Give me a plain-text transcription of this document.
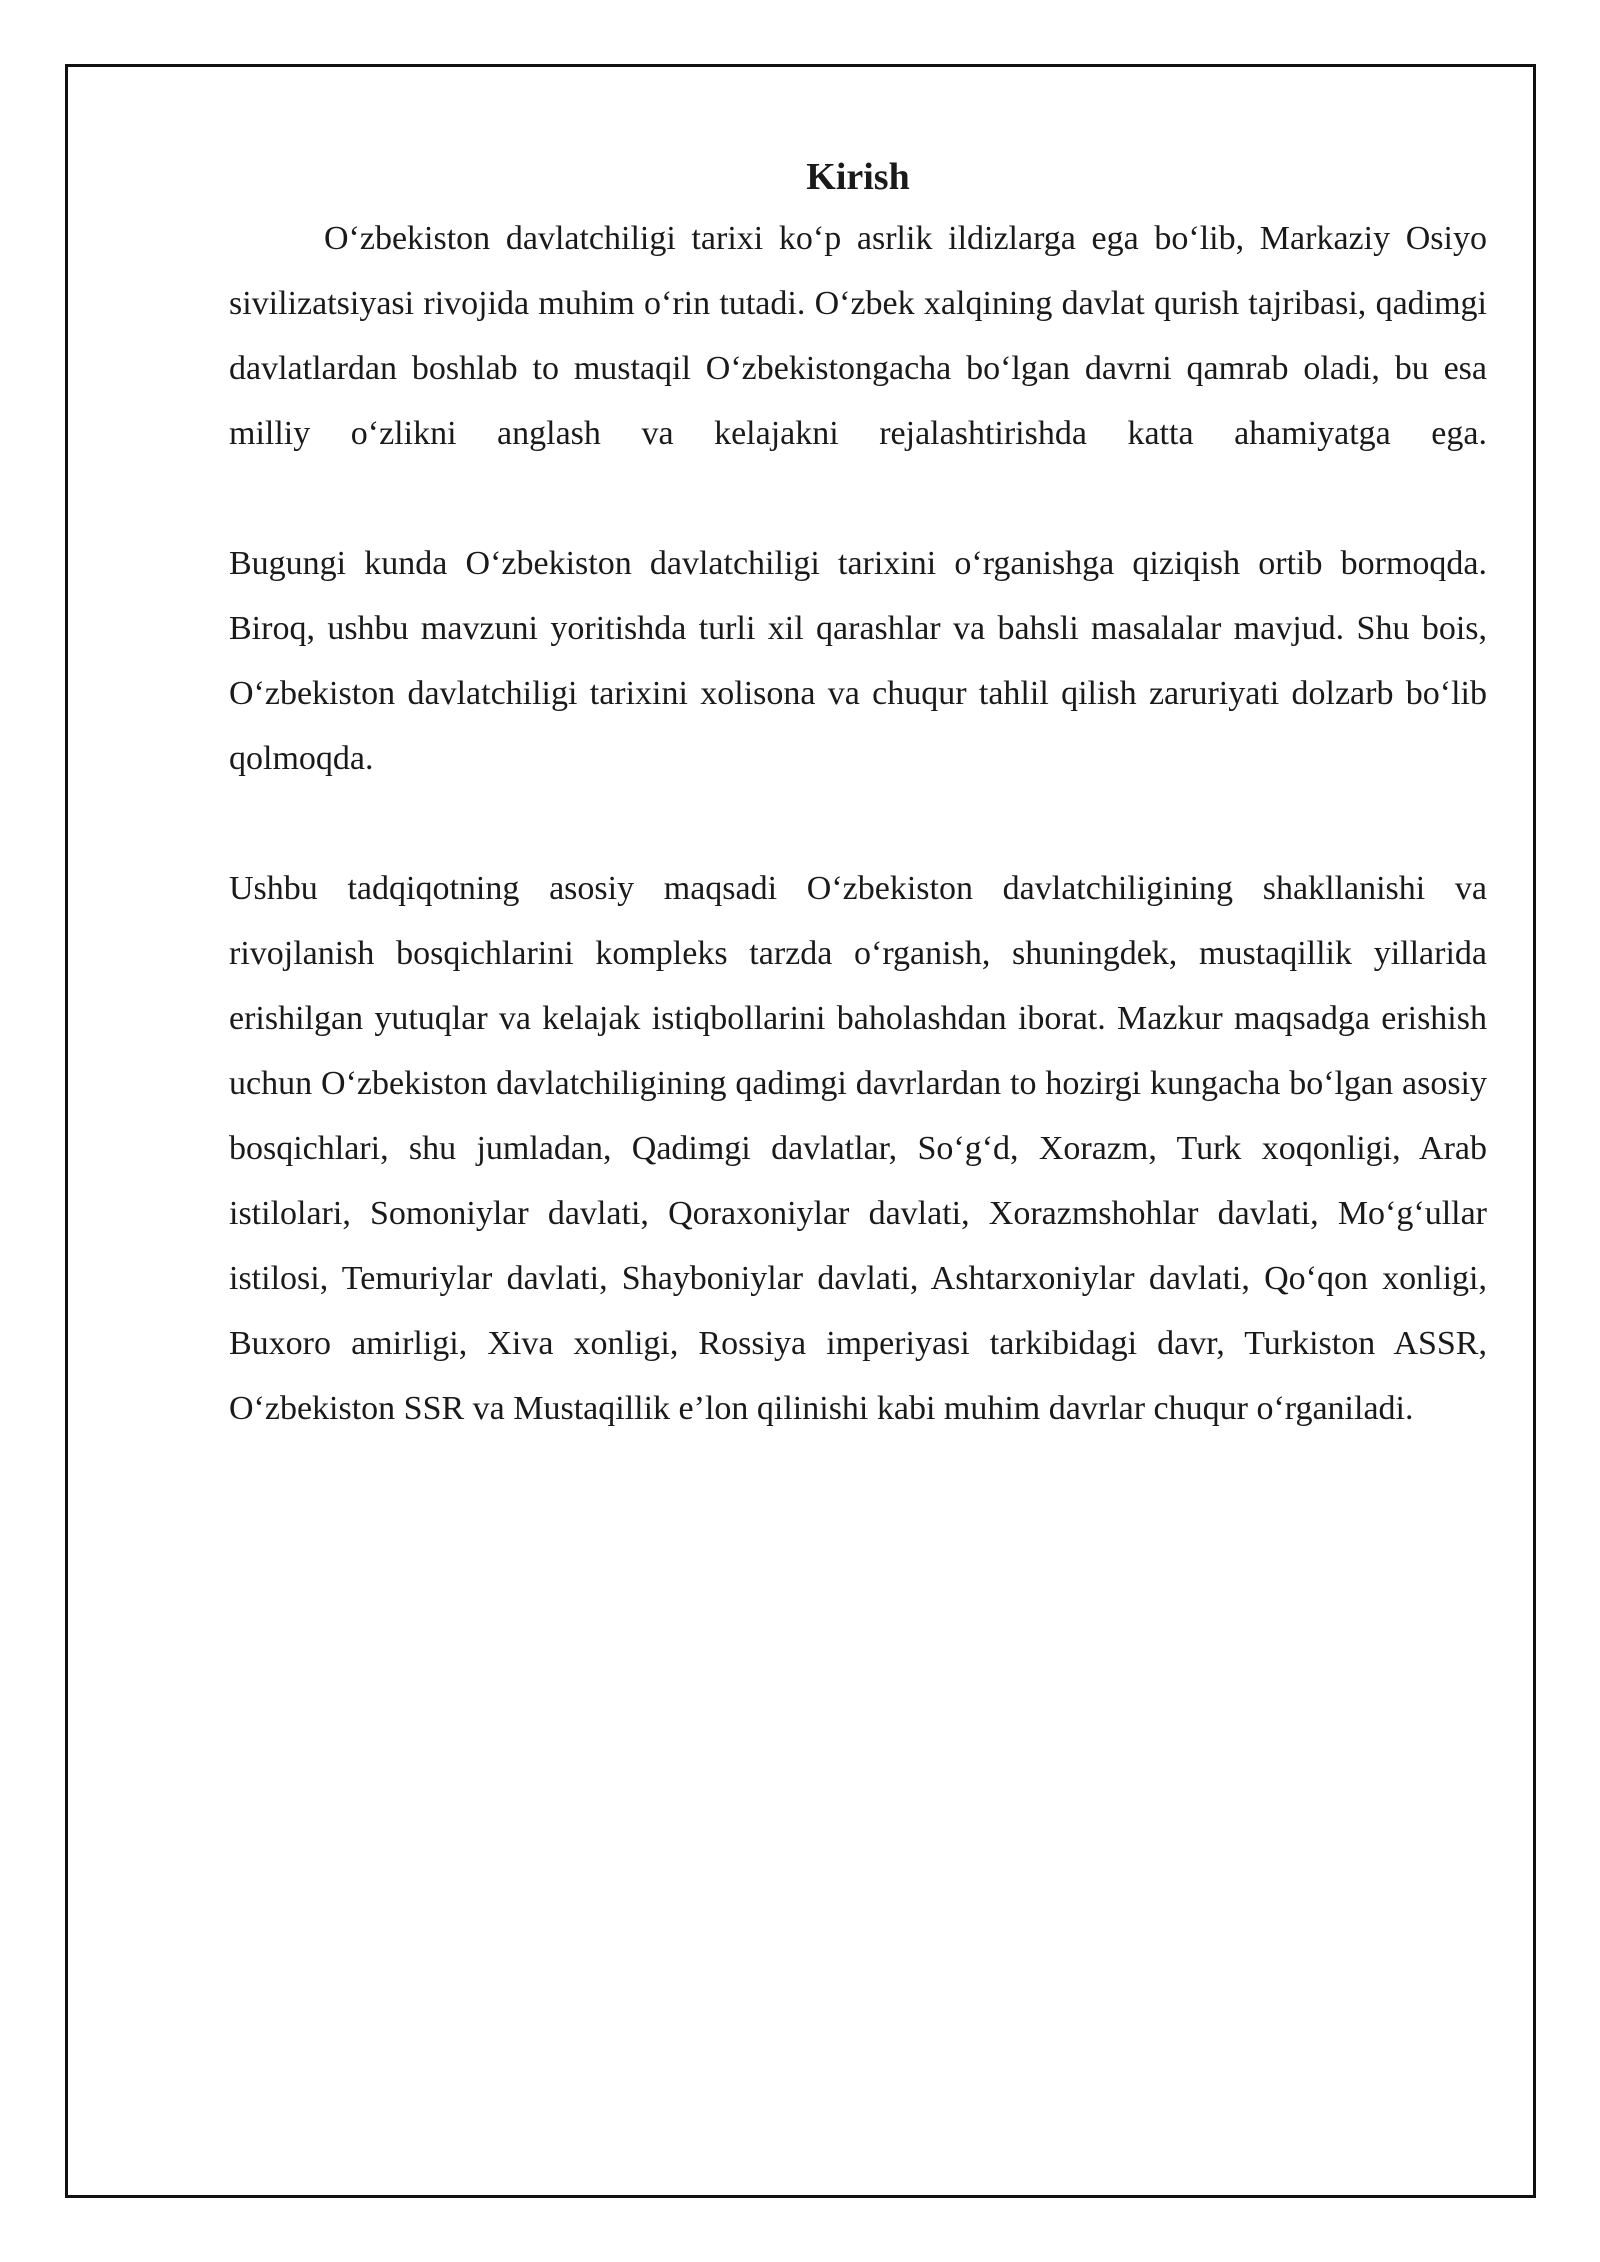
Kirish

O‘zbekiston davlatchiligi tarixi ko‘p asrlik ildizlarga ega bo‘lib, Markaziy Osiyo sivilizatsiyasi rivojida muhim o‘rin tutadi. O‘zbek xalqining davlat qurish tajribasi, qadimgi davlatlardan boshlab to mustaqil O‘zbekistongacha bo‘lgan davrni qamrab oladi, bu esa milliy o‘zlikni anglash va kelajakni rejalashtirishda katta ahamiyatga ega.

Bugungi kunda O‘zbekiston davlatchiligi tarixini o‘rganishga qiziqish ortib bormoqda. Biroq, ushbu mavzuni yoritishda turli xil qarashlar va bahsli masalalar mavjud. Shu bois, O‘zbekiston davlatchiligi tarixini xolisona va chuqur tahlil qilish zaruriyati dolzarb bo‘lib qolmoqda.

Ushbu tadqiqotning asosiy maqsadi O‘zbekiston davlatchiligining shakllanishi va rivojlanish bosqichlarini kompleks tarzda o‘rganish, shuningdek, mustaqillik yillarida erishilgan yutuqlar va kelajak istiqbollarini baholashdan iborat. Mazkur maqsadga erishish uchun O‘zbekiston davlatchiligining qadimgi davrlardan to hozirgi kungacha bo‘lgan asosiy bosqichlari, shu jumladan, Qadimgi davlatlar, So‘g‘d, Xorazm, Turk xoqonligi, Arab istilolari, Somoniylar davlati, Qoraxoniylar davlati, Xorazmshohlar davlati, Mo‘g‘ullar istilosi, Temuriylar davlati, Shayboniylar davlati, Ashtarxoniylar davlati, Qo‘qon xonligi, Buxoro amirligi, Xiva xonligi, Rossiya imperiyasi tarkibidagi davr, Turkiston ASSR, O‘zbekiston SSR va Mustaqillik e’lon qilinishi kabi muhim davrlar chuqur o‘rganiladi.
